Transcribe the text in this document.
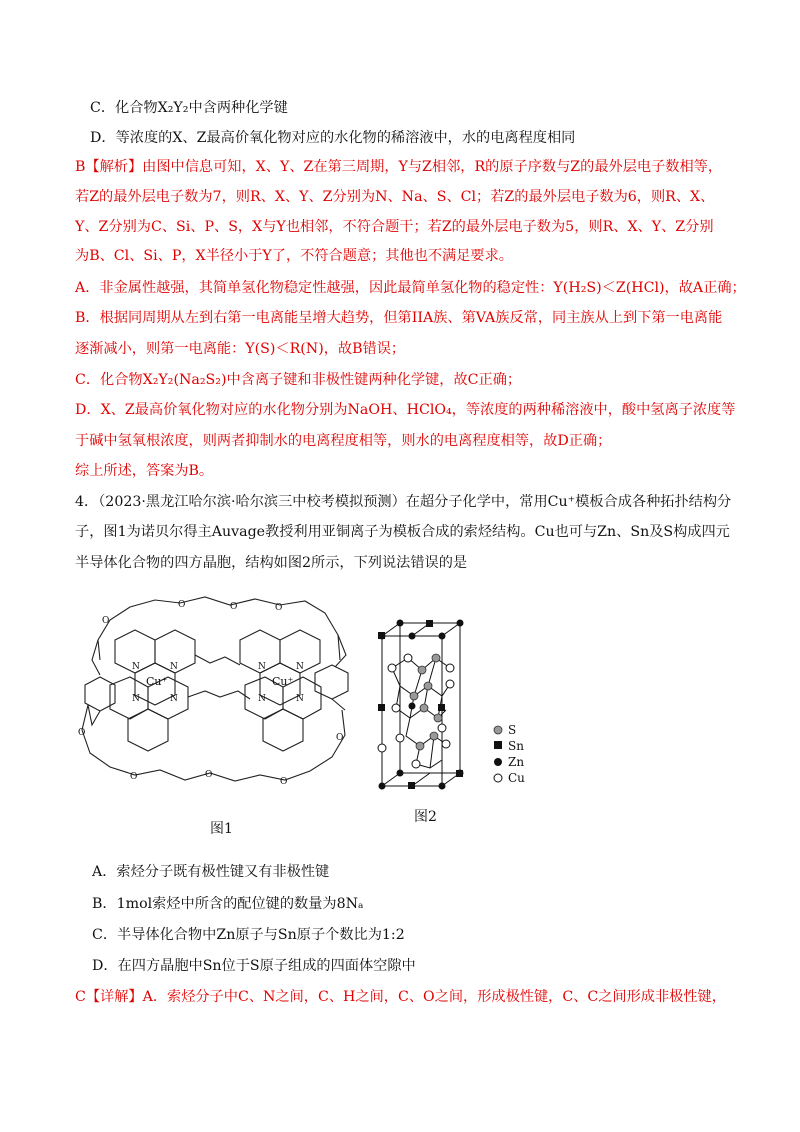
C．化合物X₂Y₂中含两种化学键
D．等浓度的X、Z最高价氧化物对应的水化物的稀溶液中，水的电离程度相同
B【解析】由图中信息可知，X、Y、Z在第三周期，Y与Z相邻，R的原子序数与Z的最外层电子数相等，
若Z的最外层电子数为7，则R、X、Y、Z分别为N、Na、S、Cl；若Z的最外层电子数为6，则R、X、
Y、Z分别为C、Si、P、S，X与Y也相邻，不符合题干；若Z的最外层电子数为5，则R、X、Y、Z分别
为B、Cl、Si、P，X半径小于Y了，不符合题意；其他也不满足要求。
A．非金属性越强，其简单氢化物稳定性越强，因此最简单氢化物的稳定性：Y(H₂S)＜Z(HCl)，故A正确；
B．根据同周期从左到右第一电离能呈增大趋势，但第IIA族、第VA族反常，同主族从上到下第一电离能
逐渐减小，则第一电离能：Y(S)＜R(N)，故B错误；
C．化合物X₂Y₂(Na₂S₂)中含离子键和非极性键两种化学键，故C正确；
D．X、Z最高价氧化物对应的水化物分别为NaOH、HClO₄，等浓度的两种稀溶液中，酸中氢离子浓度等
于碱中氢氧根浓度，则两者抑制水的电离程度相等，则水的电离程度相等，故D正确；
综上所述，答案为B。
4．（2023·黑龙江哈尔滨·哈尔滨三中校考模拟预测）在超分子化学中，常用Cu⁺模板合成各种拓扑结构分
子，图1为诺贝尔得主Auvage教授利用亚铜离子为模板合成的索烃结构。Cu也可与Zn、Sn及S构成四元
半导体化合物的四方晶胞，结构如图2所示，下列说法错误的是
O
O	O	O
O
O	O
O
O
N	N
N	N
N	N
N	N
Cu⁺	Cu⁺
图1
S
Sn
Zn
Cu
图2
A．索烃分子既有极性键又有非极性键
B．1mol索烃中所含的配位键的数量为8Nₐ
C．半导体化合物中Zn原子与Sn原子个数比为1:2
D．在四方晶胞中Sn位于S原子组成的四面体空隙中
C【详解】A．索烃分子中C、N之间，C、H之间，C、O之间，形成极性键，C、C之间形成非极性键，
